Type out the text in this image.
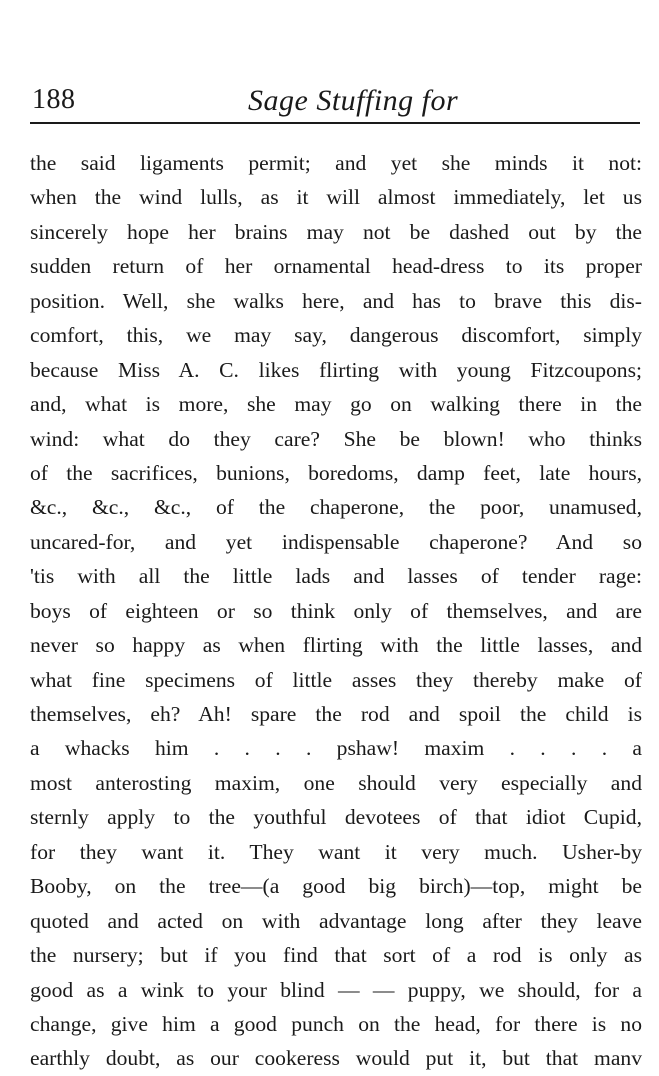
188	Sage Stuffing for
the said ligaments permit; and yet she minds it not:
when the wind lulls, as it will almost immediately, let us
sincerely hope her brains may not be dashed out by the
sudden return of her ornamental head-dress to its proper
position. Well, she walks here, and has to brave this dis-
comfort, this, we may say, dangerous discomfort, simply
because Miss A. C. likes flirting with young Fitzcoupons;
and, what is more, she may go on walking there in the
wind: what do they care? She be blown! who thinks
of the sacrifices, bunions, boredoms, damp feet, late hours,
&c., &c., &c., of the chaperone, the poor, unamused,
uncared-for, and yet indispensable chaperone? And so
'tis with all the little lads and lasses of tender rage:
boys of eighteen or so think only of themselves, and are
never so happy as when flirting with the little lasses, and
what fine specimens of little asses they thereby make of
themselves, eh? Ah! spare the rod and spoil the child is
a whacks him . . . . pshaw! maxim . . . . a
most anterosting maxim, one should very especially and
sternly apply to the youthful devotees of that idiot Cupid,
for they want it. They want it very much. Usher-by
Booby, on the tree—(a good big birch)—top, might be
quoted and acted on with advantage long after they leave
the nursery; but if you find that sort of a rod is only as
good as a wink to your blind — — puppy, we should, for a
change, give him a good punch on the head, for there is no
earthly doubt, as our cookeress would put it, but that manv
